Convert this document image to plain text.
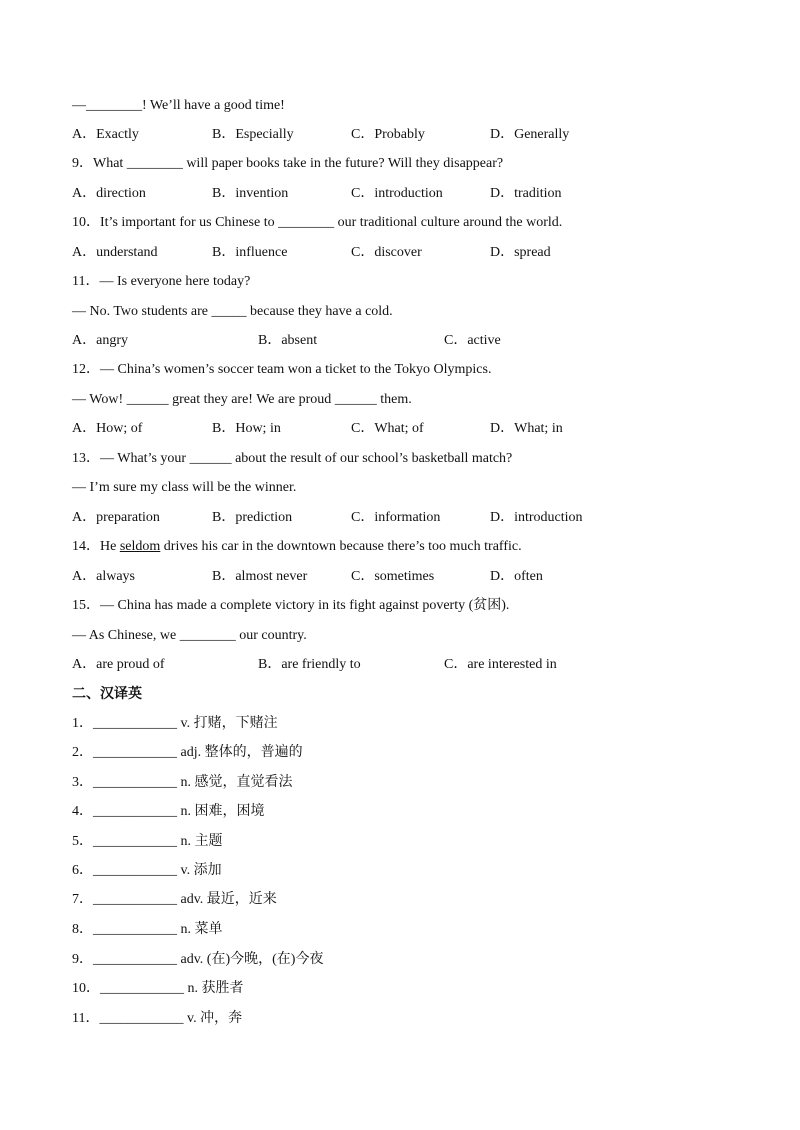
—________! We’ll have a good time!
A．Exactly	B．Especially	C．Probably	D．Generally
9．What ________ will paper books take in the future? Will they disappear?
A．direction	B．invention	C．introduction	D．tradition
10．It’s important for us Chinese to ________ our traditional culture around the world.
A．understand	B．influence	C．discover	D．spread
11．— Is everyone here today?
— No. Two students are _____ because they have a cold.
A．angry	B．absent	C．active
12．— China’s women’s soccer team won a ticket to the Tokyo Olympics.
— Wow! ______ great they are! We are proud ______ them.
A．How; of	B．How; in	C．What; of	D．What; in
13．— What’s your ______ about the result of our school’s basketball match?
— I’m sure my class will be the winner.
A．preparation	B．prediction	C．information	D．introduction
14．He seldom drives his car in the downtown because there’s too much traffic.
A．always	B．almost never	C．sometimes	D．often
15．— China has made a complete victory in its fight against poverty (贫困).
— As Chinese, we ________ our country.
A．are proud of	B．are friendly to	C．are interested in
二、汉译英
1．____________ v. 打赌，下赌注
2．____________ adj. 整体的，普遍的
3．____________ n. 感觉，直觉看法
4．____________ n. 困难，困境
5．____________ n. 主题
6．____________ v. 添加
7．____________ adv. 最近，近来
8．____________ n. 菜单
9．____________ adv. (在)今晚，(在)今夜
10．____________ n. 获胜者
11．____________ v. 冲，奔
